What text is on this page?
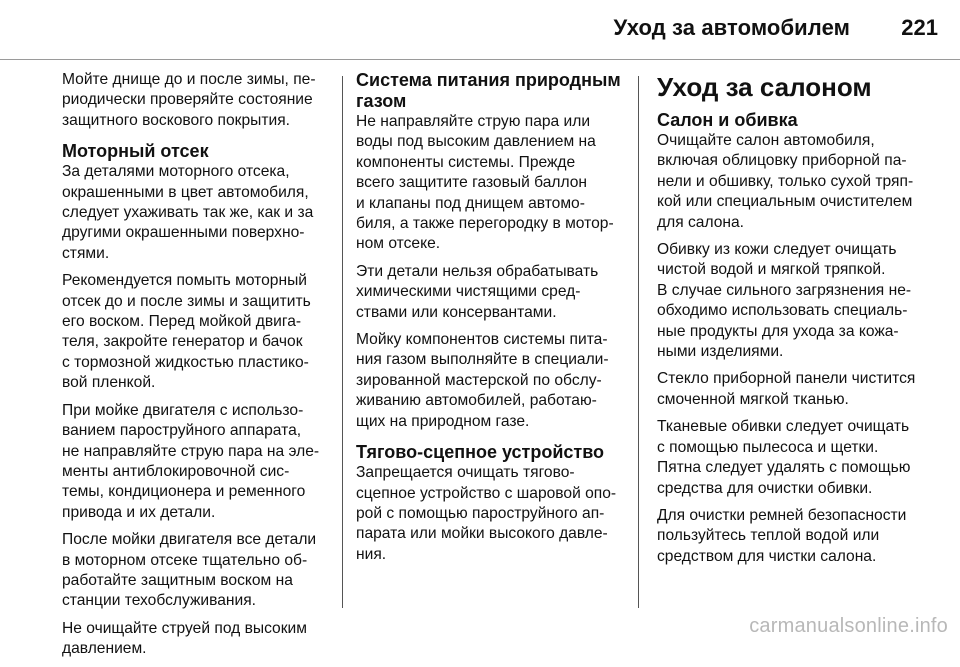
Уход за автомобилем 221

Мойте днище до и после зимы, пе-
риодически проверяйте состояние
защитного воскового покрытия.

Моторный отсек

За деталями моторного отсека,
окрашенными в цвет автомобиля,
следует ухаживать так же, как и за
другими окрашенными поверхно-
стями.

Рекомендуется помыть моторный
отсек до и после зимы и защитить
его воском. Перед мойкой двига-
теля, закройте генератор и бачок
с тормозной жидкостью пластико-
вой пленкой.

При мойке двигателя с использо-
ванием пароструйного аппарата,
не направляйте струю пара на эле-
менты антиблокировочной сис-
темы, кондиционера и ременного
привода и их детали.

После мойки двигателя все детали
в моторном отсеке тщательно об-
работайте защитным воском на
станции техобслуживания.

Не очищайте струей под высоким
давлением.

Система питания природным
газом

Не направляйте струю пара или
воды под высоким давлением на
компоненты системы. Прежде
всего защитите газовый баллон
и клапаны под днищем автомо-
биля, а также перегородку в мотор-
ном отсеке.

Эти детали нельзя обрабатывать
химическими чистящими сред-
ствами или консервантами.

Мойку компонентов системы пита-
ния газом выполняйте в специали-
зированной мастерской по обслу-
живанию автомобилей, работаю-
щих на природном газе.

Тягово-сцепное устройство

Запрещается очищать тягово-
сцепное устройство с шаровой опо-
рой с помощью пароструйного ап-
парата или мойки высокого давле-
ния.

Уход за салоном
Салон и обивка

Очищайте салон автомобиля,
включая облицовку приборной па-
нели и обшивку, только сухой тряп-
кой или специальным очистителем
для салона.

Обивку из кожи следует очищать
чистой водой и мягкой тряпкой.
В случае сильного загрязнения не-
обходимо использовать специаль-
ные продукты для ухода за кожа-
ными изделиями.

Стекло приборной панели чистится
смоченной мягкой тканью.

Тканевые обивки следует очищать
с помощью пылесоса и щетки.
Пятна следует удалять с помощью
средства для очистки обивки.

Для очистки ремней безопасности
пользуйтесь теплой водой или
средством для чистки салона.

carmanualsonline.info
